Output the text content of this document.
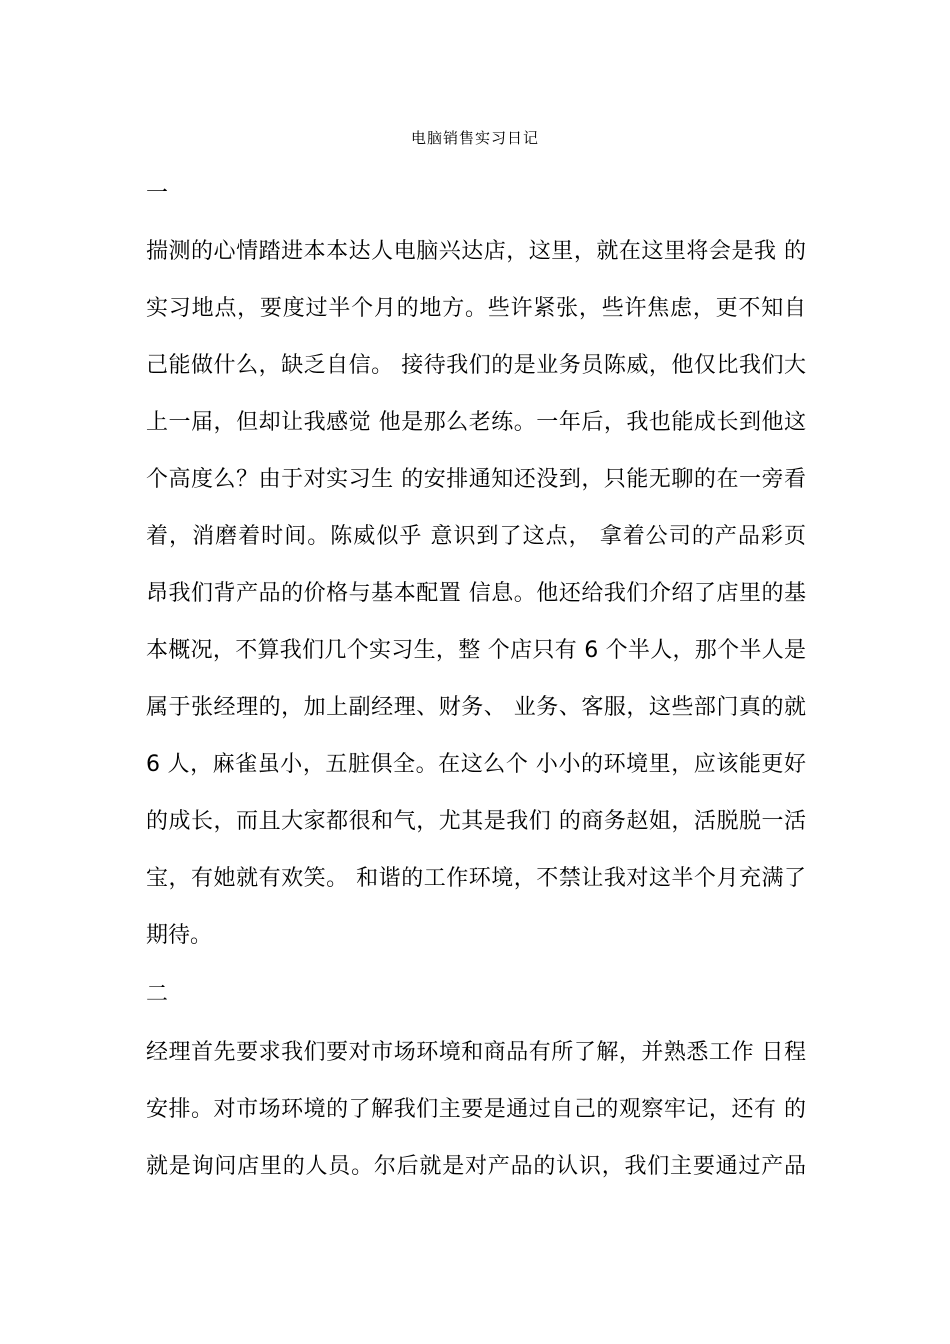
电脑销售实习日记
一
揣测的心情踏进本本达人电脑兴达店，这里，就在这里将会是我 的
实习地点，要度过半个月的地方。些许紧张，些许焦虑，更不知自
己能做什么，缺乏自信。 接待我们的是业务员陈威，他仅比我们大
上一届，但却让我感觉 他是那么老练。一年后，我也能成长到他这
个高度么？由于对实习生 的安排通知还没到，只能无聊的在一旁看
着，消磨着时间。陈威似乎 意识到了这点， 拿着公司的产品彩页
昂我们背产品的价格与基本配置 信息。他还给我们介绍了店里的基
本概况，不算我们几个实习生，整 个店只有 6 个半人，那个半人是
属于张经理的，加上副经理、财务、 业务、客服，这些部门真的就
6 人，麻雀虽小，五脏俱全。在这么个 小小的环境里，应该能更好
的成长，而且大家都很和气，尤其是我们 的商务赵姐，活脱脱一活
宝，有她就有欢笑。 和谐的工作环境，不禁让我对这半个月充满了
期待。
二
经理首先要求我们要对市场环境和商品有所了解，并熟悉工作 日程
安排。对市场环境的了解我们主要是通过自己的观察牢记，还有 的
就是询问店里的人员。尔后就是对产品的认识，我们主要通过产品
